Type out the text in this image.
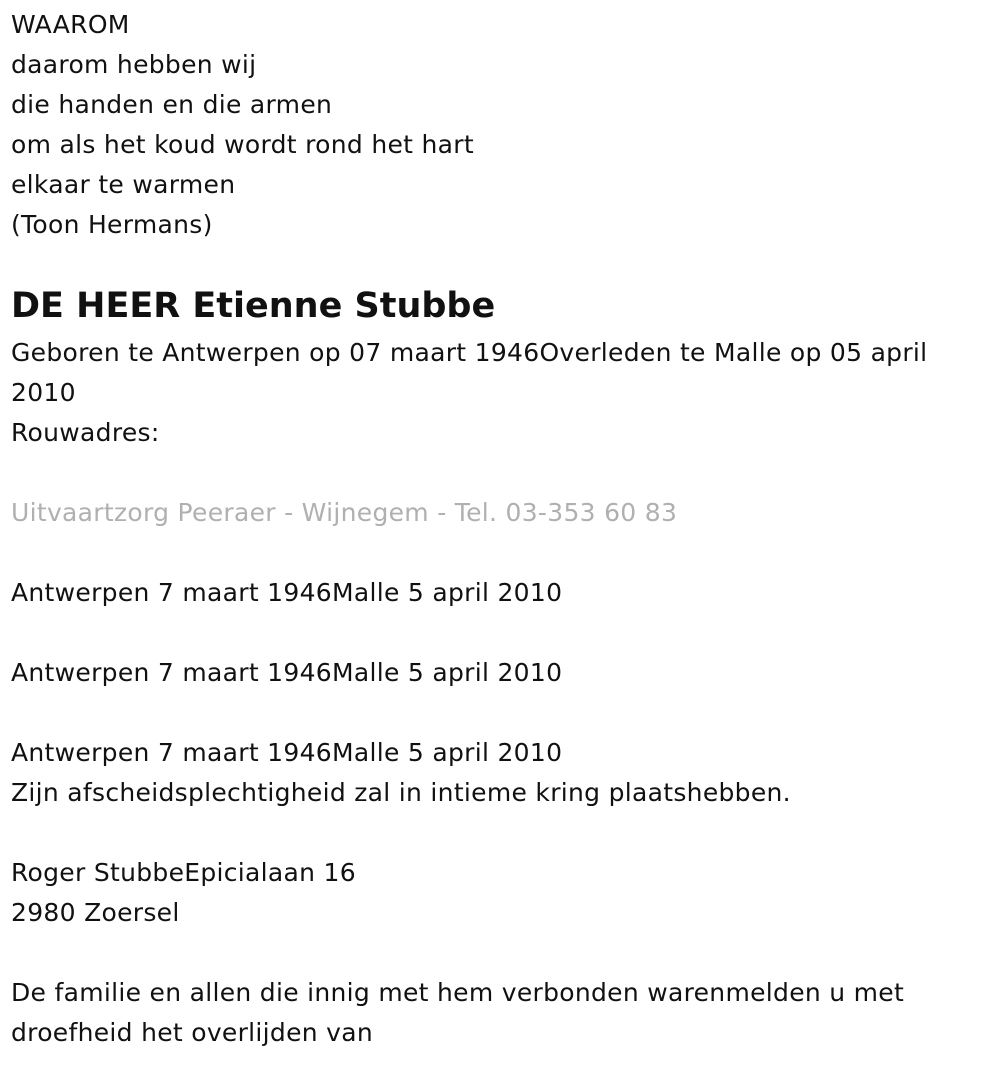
WAAROM
daarom hebben wij
die handen en die armen
om als het koud wordt rond het hart
elkaar te warmen
(Toon Hermans)
DE HEER Etienne Stubbe
Geboren te Antwerpen op 07 maart 1946Overleden te Malle op 05 april
2010
Rouwadres:
Uitvaartzorg Peeraer - Wijnegem - Tel. 03-353 60 83
Antwerpen 7 maart 1946Malle 5 april 2010
Antwerpen 7 maart 1946Malle 5 april 2010
Antwerpen 7 maart 1946Malle 5 april 2010
Zijn afscheidsplechtigheid zal in intieme kring plaatshebben.
Roger StubbeEpicialaan 16
2980 Zoersel
De familie en allen die innig met hem verbonden warenmelden u met
droefheid het overlijden van
